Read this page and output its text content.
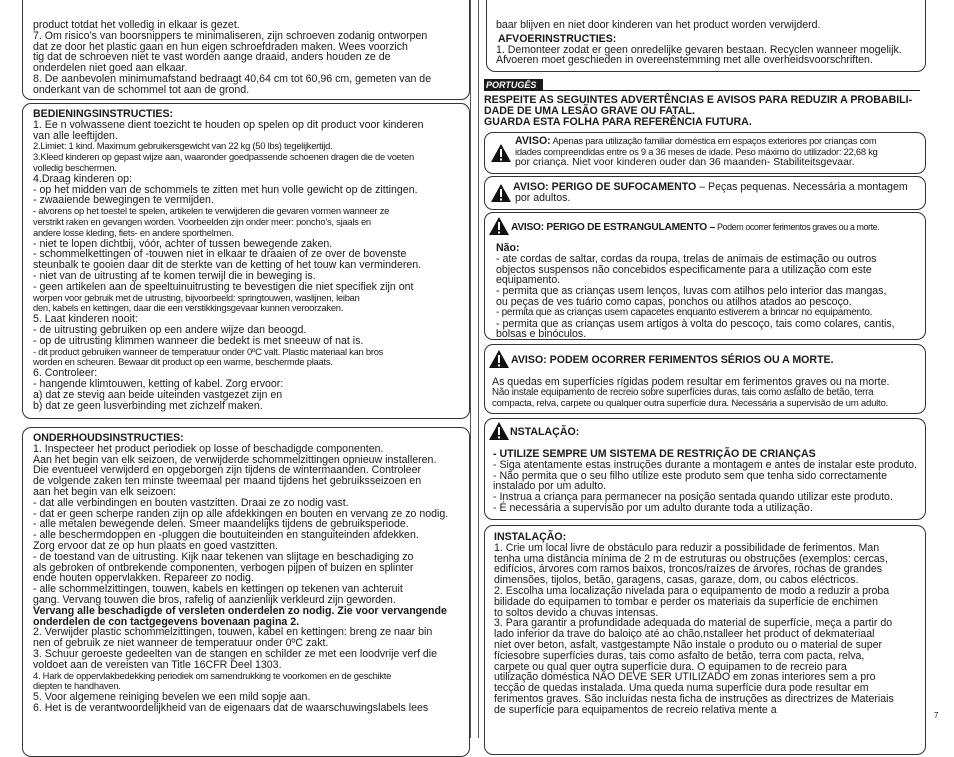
product totdat het volledig in elkaar is gezet.
7. Om risico’s van boorsnippers te minimaliseren, zijn schroeven zodanig ontworpen
dat ze door het plastic gaan en hun eigen schroefdraden maken. Wees voorzich
tig dat de schroeven niet te vast worden aange draaid, anders houden ze de
onderdelen niet goed aan elkaar.
8. De aanbevolen minimumafstand bedraagt 40,64 cm tot 60,96 cm, gemeten van de
onderkant van de schommel tot aan de grond.
BEDIENINGSINSTRUCTIES:
1. Ee n volwassene dient toezicht te houden op spelen op dit product voor kinderen
van alle leeftijden.
2.Limiet: 1 kind. Maximum gebruikersgewicht van 22 kg (50 lbs) tegelijkertijd.
3.Kleed kinderen op gepast wijze aan, waaronder goedpassende schoenen dragen die de voeten
volledig beschermen.
4.Draag kinderen op:
- op het midden van de schommels te zitten met hun volle gewicht op de zittingen.
- zwaaiende bewegingen te vermijden.
- alvorens op het toestel te spelen, artikelen te verwijderen die gevaren vormen wanneer ze
verstrikt raken en gevangen worden. Voorbeelden zijn onder meer: poncho’s, sjaals en
andere losse kleding, fiets- en andere sporthelmen.
- niet te lopen dichtbij, vóór, achter of tussen bewegende zaken.
- schommelkettingen of -touwen niet in elkaar te draaien of ze over de bovenste
steunbalk te gooien daar dit de sterkte van de ketting of het touw kan verminderen.
- niet van de uitrusting af te komen terwijl die in beweging is.
- geen artikelen aan de speeltuinuitrusting te bevestigen die niet specifiek zijn ont
worpen voor gebruik met de uitrusting, bijvoorbeeld: springtouwen, waslijnen, leiban
den, kabels en kettingen, daar die een verstikkingsgevaar kunnen veroorzaken.
5. Laat kinderen nooit:
- de uitrusting gebruiken op een andere wijze dan beoogd.
- op de uitrusting klimmen wanneer die bedekt is met sneeuw of nat is.
- dit product gebruiken wanneer de temperatuur onder 0ºC valt. Plastic materiaal kan bros
worden en scheuren. Bewaar dit product op een warme, beschermde plaats.
6. Controleer:
- hangende klimtouwen, ketting of kabel. Zorg ervoor:
a) dat ze stevig aan beide uiteinden vastgezet zijn en
b) dat ze geen lusverbinding met zichzelf maken.
ONDERHOUDSINSTRUCTIES:
1. Inspecteer het product periodiek op losse of beschadigde componenten.
Aan het begin van elk seizoen, de verwijderde schommelzittingen opnieuw installeren.
Die eventueel verwijderd en opgeborgen zijn tijdens de wintermaanden. Controleer
de volgende zaken ten minste tweemaal per maand tijdens het gebruiksseizoen en
aan het begin van elk seizoen:
- dat alle verbindingen en bouten vastzitten. Draai ze zo nodig vast.
- dat er geen scherpe randen zijn op alle afdekkingen en bouten en vervang ze zo nodig.
- alle metalen bewegende delen. Smeer maandelijks tijdens de gebruiksperiode.
- alle beschermdoppen en -pluggen die boutuiteinden en stanguiteinden afdekken.
Zorg ervoor dat ze op hun plaats en goed vastzitten.
- de toestand van de uitrusting. Kijk naar tekenen van slijtage en beschadiging zo
als gebroken of ontbrekende componenten, verbogen pijpen of buizen en splinter
ende houten oppervlakken. Repareer zo nodig.
- alle schommelzittingen, touwen, kabels en kettingen op tekenen van achteruit
gang. Vervang touwen die bros, rafelig of aanzienlijk verkleurd zijn geworden.
Vervang alle beschadigde of versleten onderdelen zo nodig. Zie voor vervangende
onderdelen de con tactgegevens bovenaan pagina 2.
2. Verwijder plastic schommelzittingen, touwen, kabel en kettingen: breng ze naar bin
nen of gebruik ze niet wanneer de temperatuur onder 0ºC zakt.
3. Schuur geroeste gedeelten van de stangen en schilder ze met een loodvrije verf die
voldoet aan de vereisten van Title 16CFR Deel 1303.
4. Hark de oppervlakbedekking periodiek om samendrukking te voorkomen en de geschikte
diepten te handhaven.
5. Voor algemene reiniging bevelen we een mild sopje aan.
6. Het is de verantwoordelijkheid van de eigenaars dat de waarschuwingslabels lees
baar blijven en niet door kinderen van het product worden verwijderd.
AFVOERINSTRUCTIES:
1. Demonteer zodat er geen onredelijke gevaren bestaan. Recyclen wanneer mogelijk.
Afvoeren moet geschieden in overeenstemming met alle overheidsvoorschriften.
PORTUGÊS
RESPEITE AS SEGUINTES ADVERTÊNCIAS E AVISOS PARA REDUZIR A PROBABILI-
DADE DE UMA LESÃO GRAVE OU FATAL.
GUARDA ESTA FOLHA PARA REFERÊNCIA FUTURA.
AVISO: Apenas para utilização familiar doméstica em espaços exteriores por crianças com
idades compreendidas entre os 9 a 36 meses de idade. Peso máximo do utilizador: 22,68 kg
por criança. Niet voor kinderen ouder dan 36 maanden- Stabiliteitsgevaar.
AVISO: PERIGO DE SUFOCAMENTO – Peças pequenas. Necessária a montagem
por adultos.
AVISO: PERIGO DE ESTRANGULAMENTO – Podem ocorrer ferimentos graves ou a morte.
Não:
- ate cordas de saltar, cordas da roupa, trelas de animais de estimação ou outros
objectos suspensos não concebidos especificamente para a utilização com este
equipamento.
- permita que as crianças usem lenços, luvas com atilhos pelo interior das mangas,
ou peças de ves tuário como capas, ponchos ou atilhos atados ao pescoço.
- permita que as crianças usem capacetes enquanto estiverem a brincar no equipamento.
- permita que as crianças usem artigos à volta do pescoço, tais como colares, cantis,
bolsas e binóculos.
AVISO: PODEM OCORRER FERIMENTOS SÉRIOS OU A MORTE.
As quedas em superfícies rígidas podem resultar em ferimentos graves ou na morte.
Não instale equipamento de recreio sobre superfícies duras, tais como asfalto de betão, terra
compacta, relva, carpete ou qualquer outra superfície dura. Necessária a supervisão de um adulto.
NSTALAÇÃO:
- UTILIZE SEMPRE UM SISTEMA DE RESTRIÇÃO DE CRIANÇAS
- Siga atentamente estas instruções durante a montagem e antes de instalar este produto.
- Não permita que o seu filho utilize este produto sem que tenha sido correctamente
instalado por um adulto.
- Instrua a criança para permanecer na posição sentada quando utilizar este produto.
- É necessária a supervisão por um adulto durante toda a utilização.
INSTALAÇÃO:
1. Crie um local livre de obstáculo para reduzir a possibilidade de ferimentos. Man
tenha uma distância mínima de 2 m de estruturas ou obstruções (exemplos: cercas,
edifícios, árvores com ramos baixos, troncos/raízes de árvores, rochas de grandes
dimensões, tijolos, betão, garagens, casas, garaze, dom, ou cabos eléctricos.
2. Escolha uma localização nivelada para o equipamento de modo a reduzir a proba
bilidade do equipamen to tombar e perder os materiais da superfície de enchimen
to soltos devido a chuvas intensas.
3. Para garantir a profundidade adequada do material de superfície, meça a partir do
lado inferior da trave do baloiço até ao chão.nstalleer het product of dekmateriaal
niet over beton, asfalt, vastgestampte Não instale o produto ou o material de super
fíciesobre superfícies duras, tais como asfalto de betão, terra com pacta, relva,
carpete ou qual quer outra superfície dura. O equipamen to de recreio para
utilização doméstica NÃO DEVE SER UTILIZADO em zonas interiores sem a pro
tecção de quedas instalada. Uma queda numa superfície dura pode resultar em
ferimentos graves. São incluídas nesta ficha de instruções as directrizes de Materiais
de superfície para equipamentos de recreio relativa mente a	7
